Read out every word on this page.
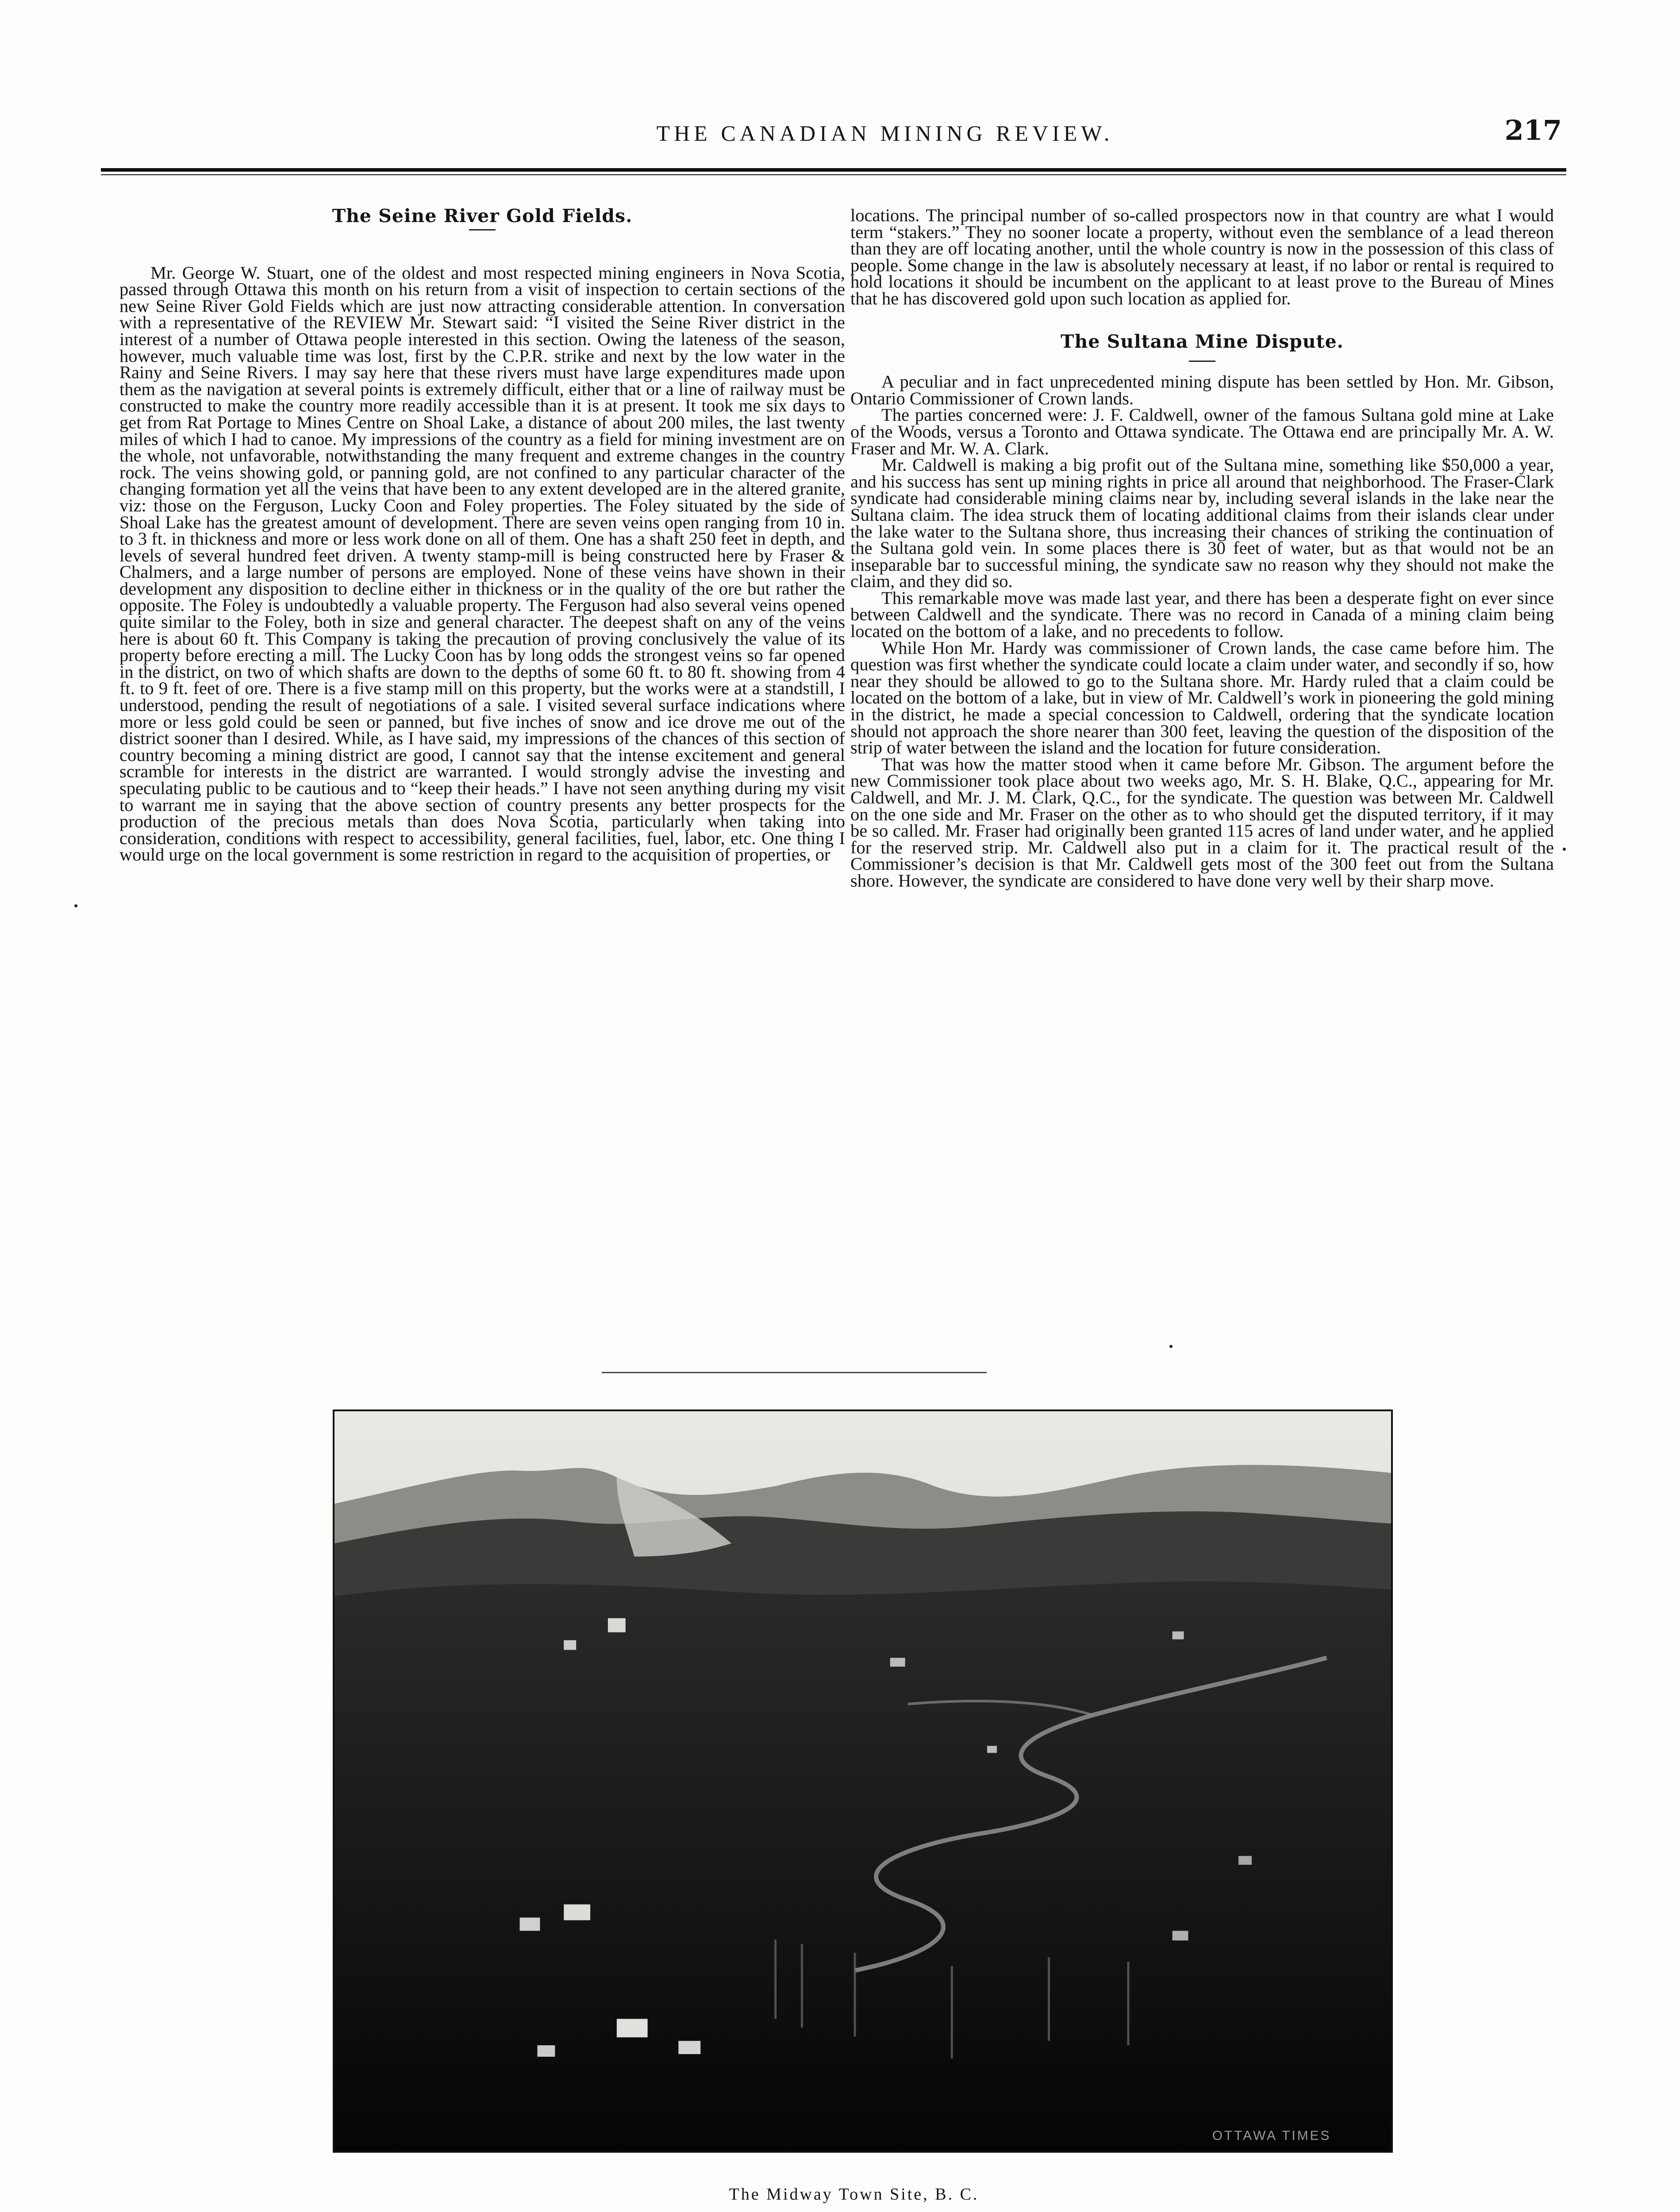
THE CANADIAN MINING REVIEW.	217
The Seine River Gold Fields.

Mr. George W. Stuart, one of the oldest and most respected mining engineers in Nova Scotia, passed through Ottawa this month on his return from a visit of inspection to certain sections of the new Seine River Gold Fields which are just now attracting considerable attention. In conversation with a representative of the REVIEW Mr. Stewart said: “I visited the Seine River district in the interest of a number of Ottawa people interested in this section. Owing the lateness of the season, however, much valuable time was lost, first by the C.P.R. strike and next by the low water in the Rainy and Seine Rivers. I may say here that these rivers must have large expenditures made upon them as the navigation at several points is extremely difficult, either that or a line of railway must be constructed to make the country more readily accessible than it is at present. It took me six days to get from Rat Portage to Mines Centre on Shoal Lake, a distance of about 200 miles, the last twenty miles of which I had to canoe. My impressions of the country as a field for mining investment are on the whole, not unfavorable, notwithstanding the many frequent and extreme changes in the country rock. The veins showing gold, or panning gold, are not confined to any particular character of the changing formation yet all the veins that have been to any extent developed are in the altered granite, viz: those on the Ferguson, Lucky Coon and Foley properties. The Foley situated by the side of Shoal Lake has the greatest amount of development. There are seven veins open ranging from 10 in. to 3 ft. in thickness and more or less work done on all of them. One has a shaft 250 feet in depth, and levels of several hundred feet driven. A twenty stamp-mill is being constructed here by Fraser & Chalmers, and a large number of persons are employed. None of these veins have shown in their development any disposition to decline either in thickness or in the quality of the ore but rather the opposite. The Foley is undoubtedly a valuable property. The Ferguson had also several veins opened quite similar to the Foley, both in size and general character. The deepest shaft on any of the veins here is about 60 ft. This Company is taking the precaution of proving conclusively the value of its property before erecting a mill. The Lucky Coon has by long odds the strongest veins so far opened in the district, on two of which shafts are down to the depths of some 60 ft. to 80 ft. showing from 4 ft. to 9 ft. feet of ore. There is a five stamp mill on this property, but the works were at a standstill, I understood, pending the result of negotiations of a sale. I visited several surface indications where more or less gold could be seen or panned, but five inches of snow and ice drove me out of the district sooner than I desired. While, as I have said, my impressions of the chances of this section of country becoming a mining district are good, I cannot say that the intense excitement and general scramble for interests in the district are warranted. I would strongly advise the investing and speculating public to be cautious and to “keep their heads.” I have not seen anything during my visit to warrant me in saying that the above section of country presents any better prospects for the production of the precious metals than does Nova Scotia, particularly when taking into consideration, conditions with respect to accessibility, general facilities, fuel, labor, etc. One thing I would urge on the local government is some restriction in regard to the acquisition of properties, or

locations. The principal number of so-called prospectors now in that country are what I would term “stakers.” They no sooner locate a property, without even the semblance of a lead thereon than they are off locating another, until the whole country is now in the possession of this class of people. Some change in the law is absolutely necessary at least, if no labor or rental is required to hold locations it should be incumbent on the applicant to at least prove to the Bureau of Mines that he has discovered gold upon such location as applied for.

The Sultana Mine Dispute.

A peculiar and in fact unprecedented mining dispute has been settled by Hon. Mr. Gibson, Ontario Commissioner of Crown lands.

The parties concerned were: J. F. Caldwell, owner of the famous Sultana gold mine at Lake of the Woods, versus a Toronto and Ottawa syndicate. The Ottawa end are principally Mr. A. W. Fraser and Mr. W. A. Clark.

Mr. Caldwell is making a big profit out of the Sultana mine, something like $50,000 a year, and his success has sent up mining rights in price all around that neighborhood. The Fraser-Clark syndicate had considerable mining claims near by, including several islands in the lake near the Sultana claim. The idea struck them of locating additional claims from their islands clear under the lake water to the Sultana shore, thus increasing their chances of striking the continuation of the Sultana gold vein. In some places there is 30 feet of water, but as that would not be an inseparable bar to successful mining, the syndicate saw no reason why they should not make the claim, and they did so.

This remarkable move was made last year, and there has been a desperate fight on ever since between Caldwell and the syndicate. There was no record in Canada of a mining claim being located on the bottom of a lake, and no precedents to follow.

While Hon Mr. Hardy was commissioner of Crown lands, the case came before him. The question was first whether the syndicate could locate a claim under water, and secondly if so, how near they should be allowed to go to the Sultana shore. Mr. Hardy ruled that a claim could be located on the bottom of a lake, but in view of Mr. Caldwell’s work in pioneering the gold mining in the district, he made a special concession to Caldwell, ordering that the syndicate location should not approach the shore nearer than 300 feet, leaving the question of the disposition of the strip of water between the island and the location for future consideration.

That was how the matter stood when it came before Mr. Gibson. The argument before the new Commissioner took place about two weeks ago, Mr. S. H. Blake, Q.C., appearing for Mr. Caldwell, and Mr. J. M. Clark, Q.C., for the syndicate. The question was between Mr. Caldwell on the one side and Mr. Fraser on the other as to who should get the disputed territory, if it may be so called. Mr. Fraser had originally been granted 115 acres of land under water, and he applied for the reserved strip. Mr. Caldwell also put in a claim for it. The practical result of the Commissioner’s decision is that Mr. Caldwell gets most of the 300 feet out from the Sultana shore. However, the syndicate are considered to have done very well by their sharp move.

OTTAWA TIMES
The Midway Town Site, B. C.
